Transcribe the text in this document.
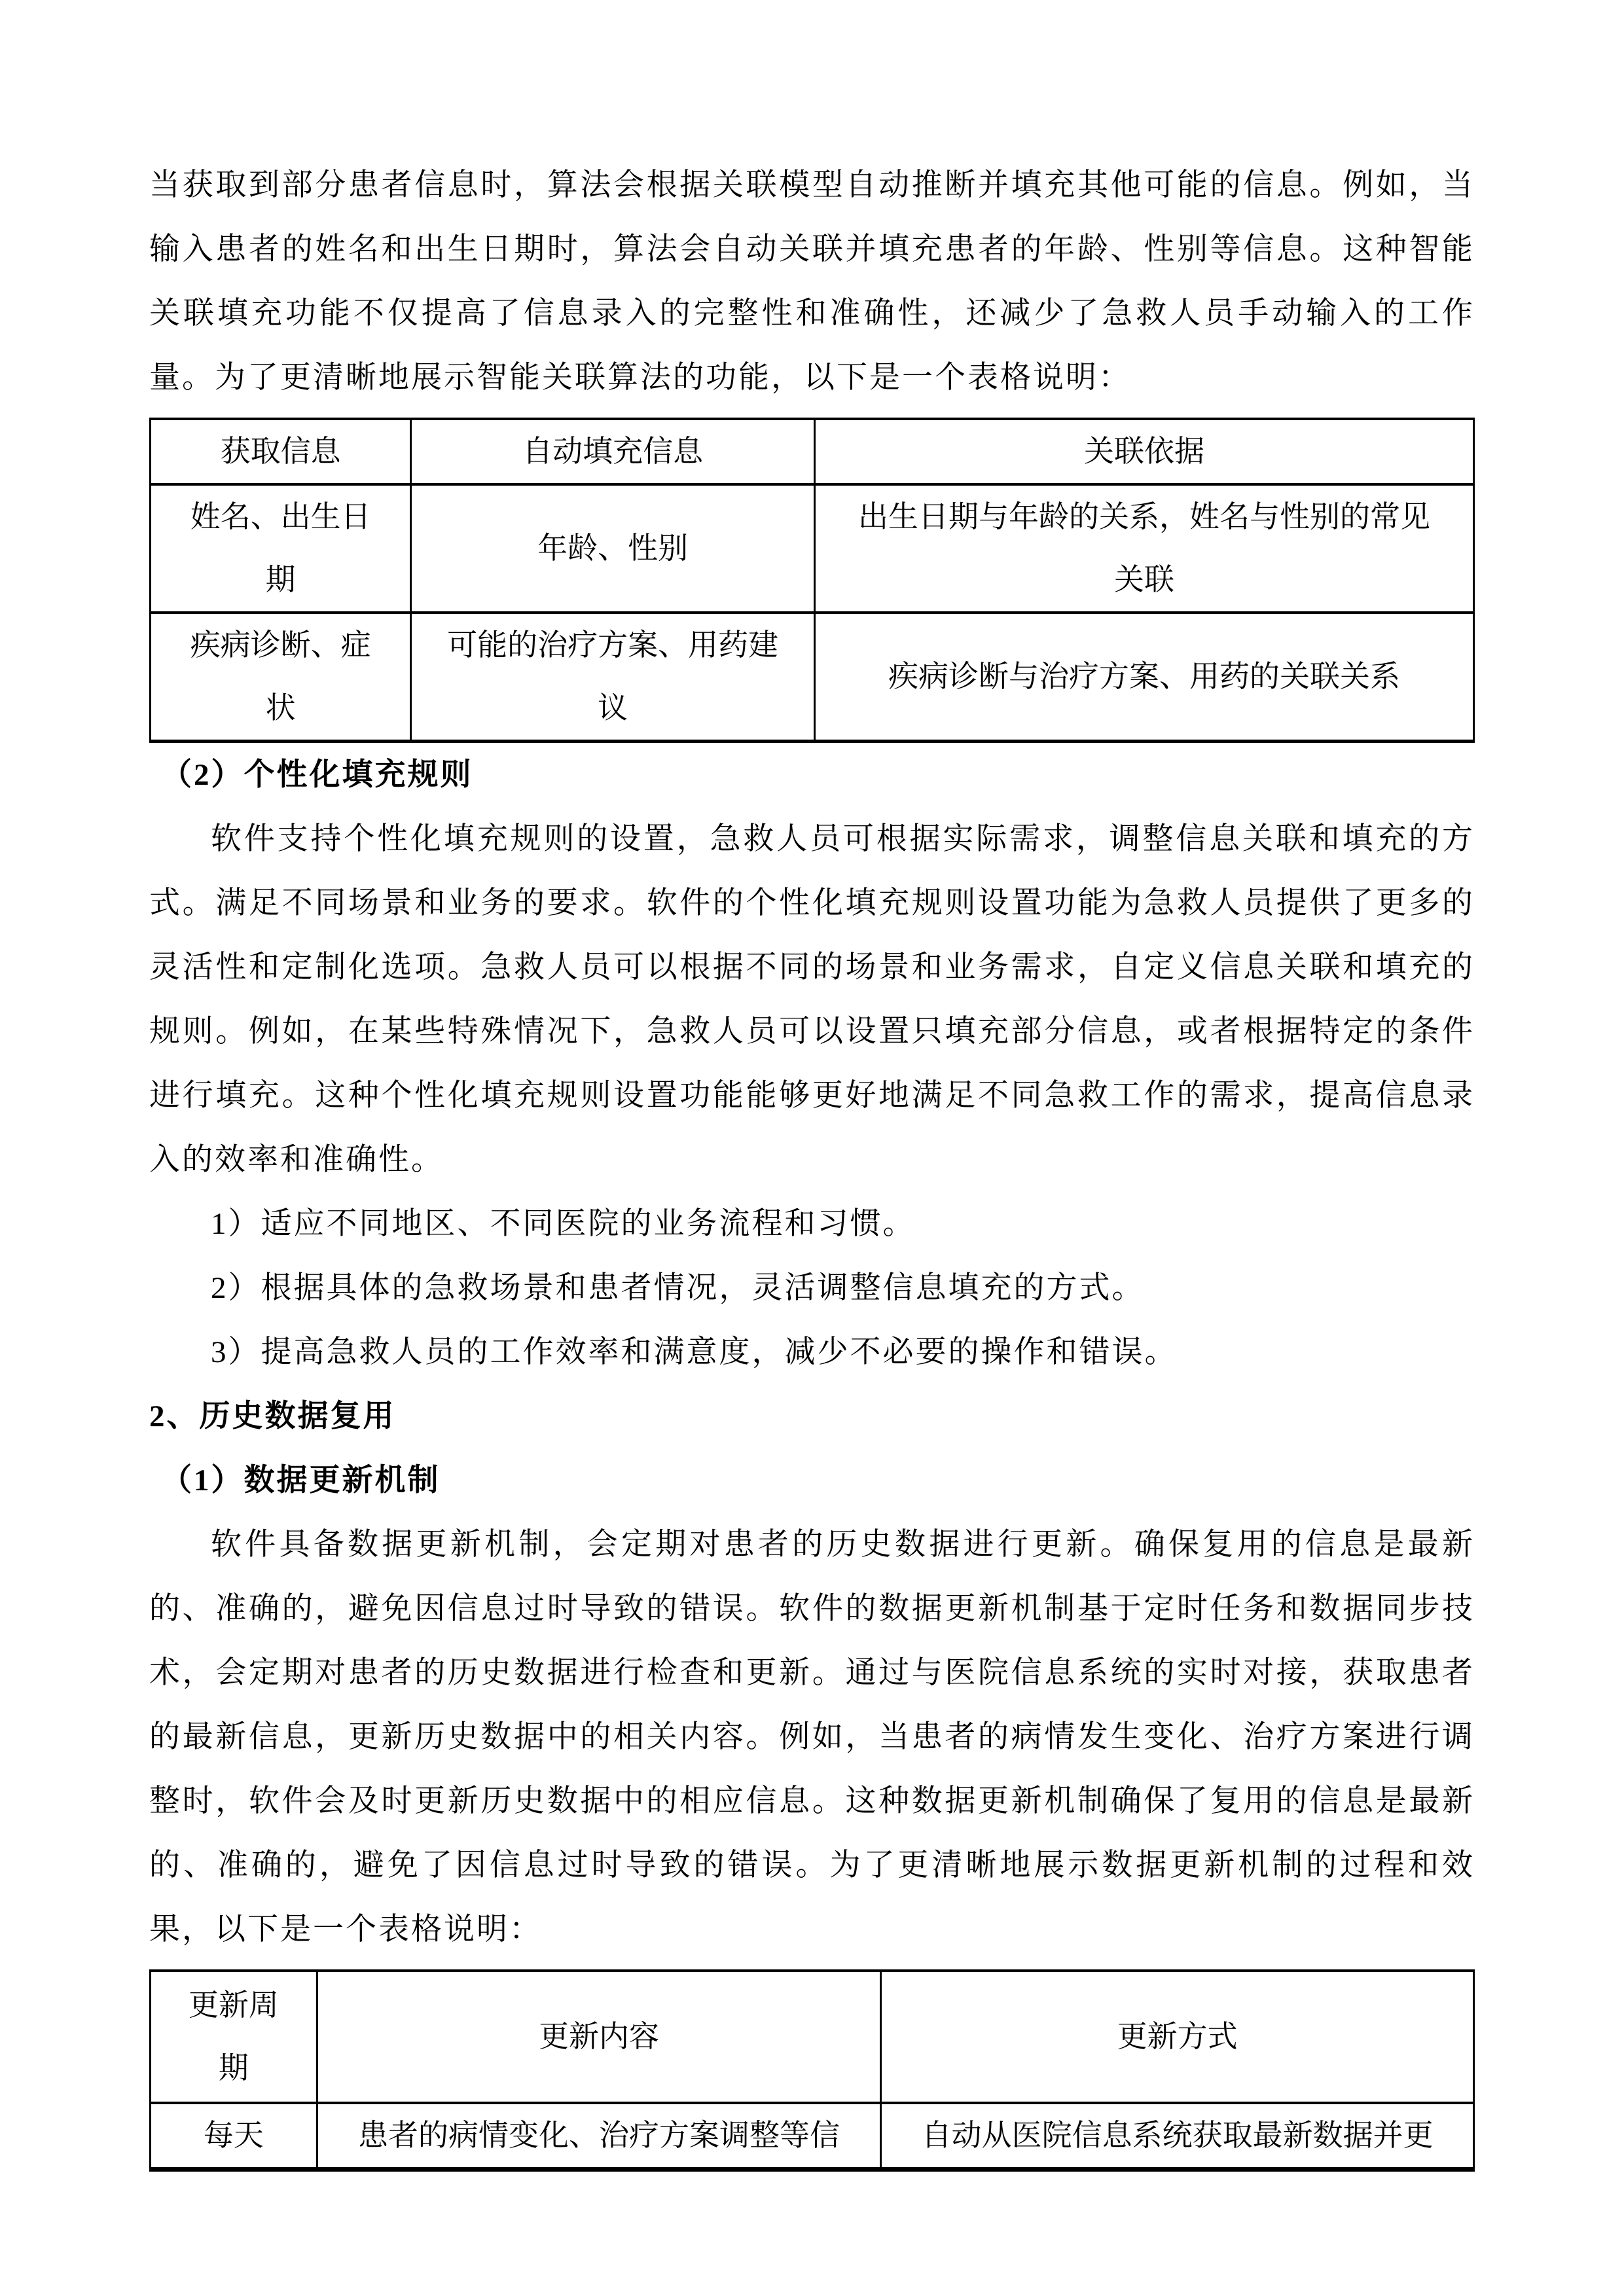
当获取到部分患者信息时，算法会根据关联模型自动推断并填充其他可能的信息。例如，当输入患者的姓名和出生日期时，算法会自动关联并填充患者的年龄、性别等信息。这种智能关联填充功能不仅提高了信息录入的完整性和准确性，还减少了急救人员手动输入的工作量。为了更清晰地展示智能关联算法的功能，以下是一个表格说明：

获取信息	自动填充信息	关联依据
姓名、出生日期	年龄、性别	出生日期与年龄的关系，姓名与性别的常见关联
疾病诊断、症状	可能的治疗方案、用药建议	疾病诊断与治疗方案、用药的关联关系
（2）个性化填充规则

软件支持个性化填充规则的设置，急救人员可根据实际需求，调整信息关联和填充的方式。满足不同场景和业务的要求。软件的个性化填充规则设置功能为急救人员提供了更多的灵活性和定制化选项。急救人员可以根据不同的场景和业务需求，自定义信息关联和填充的规则。例如，在某些特殊情况下，急救人员可以设置只填充部分信息，或者根据特定的条件进行填充。这种个性化填充规则设置功能能够更好地满足不同急救工作的需求，提高信息录入的效率和准确性。

1）适应不同地区、不同医院的业务流程和习惯。

2）根据具体的急救场景和患者情况，灵活调整信息填充的方式。

3）提高急救人员的工作效率和满意度，减少不必要的操作和错误。

2、历史数据复用
（1）数据更新机制

软件具备数据更新机制，会定期对患者的历史数据进行更新。确保复用的信息是最新的、准确的，避免因信息过时导致的错误。软件的数据更新机制基于定时任务和数据同步技术，会定期对患者的历史数据进行检查和更新。通过与医院信息系统的实时对接，获取患者的最新信息，更新历史数据中的相关内容。例如，当患者的病情发生变化、治疗方案进行调整时，软件会及时更新历史数据中的相应信息。这种数据更新机制确保了复用的信息是最新的、准确的，避免了因信息过时导致的错误。为了更清晰地展示数据更新机制的过程和效果，以下是一个表格说明：

更新周期	更新内容	更新方式
每天	患者的病情变化、治疗方案调整等信	自动从医院信息系统获取最新数据并更
